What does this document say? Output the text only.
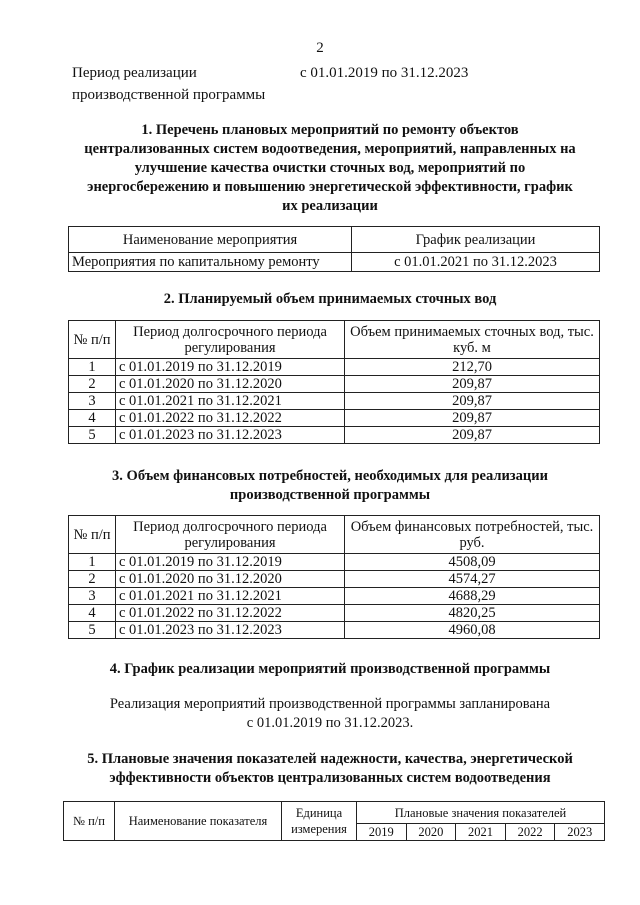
2
Период реализации производственной программы
с 01.01.2019 по 31.12.2023
1. Перечень плановых мероприятий по ремонту объектов
централизованных систем водоотведения, мероприятий, направленных на
улучшение качества очистки сточных вод, мероприятий по
энергосбережению и повышению энергетической эффективности, график
их реализации
Наименование мероприятия	График реализации
Мероприятия по капитальному ремонту	с 01.01.2021 по 31.12.2023
2. Планируемый объем принимаемых сточных вод
№ п/п	Период долгосрочного периода регулирования	Объем принимаемых сточных вод, тыс. куб. м
1	с 01.01.2019 по 31.12.2019	212,70
2	с 01.01.2020 по 31.12.2020	209,87
3	с 01.01.2021 по 31.12.2021	209,87
4	с 01.01.2022 по 31.12.2022	209,87
5	с 01.01.2023 по 31.12.2023	209,87
3. Объем финансовых потребностей, необходимых для реализации
производственной программы
№ п/п	Период долгосрочного периода регулирования	Объем финансовых потребностей, тыс. руб.
1	с 01.01.2019 по 31.12.2019	4508,09
2	с 01.01.2020 по 31.12.2020	4574,27
3	с 01.01.2021 по 31.12.2021	4688,29
4	с 01.01.2022 по 31.12.2022	4820,25
5	с 01.01.2023 по 31.12.2023	4960,08
4. График реализации мероприятий производственной программы
Реализация мероприятий производственной программы запланирована
с 01.01.2019 по 31.12.2023.
5. Плановые значения показателей надежности, качества, энергетической
эффективности объектов централизованных систем водоотведения
№ п/п	Наименование показателя	Единица измерения	Плановые значения показателей				
			2019	2020	2021	2022	2023
